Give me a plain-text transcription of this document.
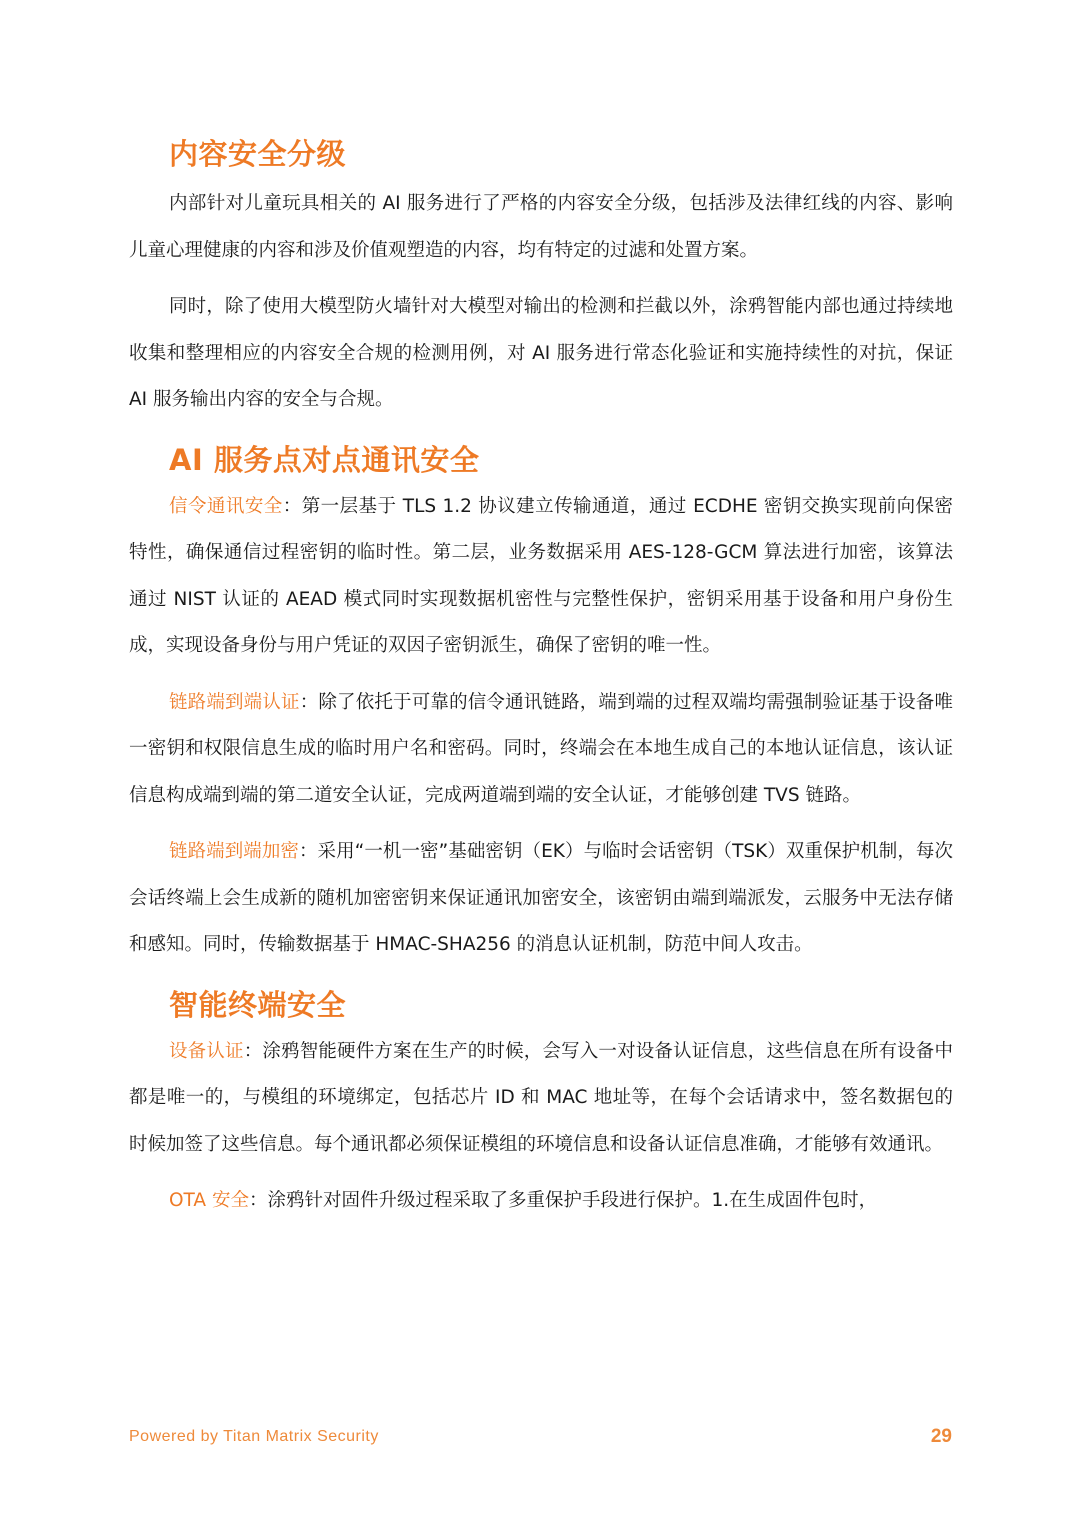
内容安全分级

内部针对儿童玩具相关的 AI 服务进行了严格的内容安全分级，包括涉及法律红线的内容、影响儿童心理健康的内容和涉及价值观塑造的内容，均有特定的过滤和处置方案。

同时，除了使用大模型防火墙针对大模型对输出的检测和拦截以外，涂鸦智能内部也通过持续地收集和整理相应的内容安全合规的检测用例，对 AI 服务进行常态化验证和实施持续性的对抗，保证 AI 服务输出内容的安全与合规。

AI 服务点对点通讯安全

信令通讯安全：第一层基于 TLS 1.2 协议建立传输通道，通过 ECDHE 密钥交换实现前向保密特性，确保通信过程密钥的临时性。第二层，业务数据采用 AES-128-GCM 算法进行加密，该算法通过 NIST 认证的 AEAD 模式同时实现数据机密性与完整性保护，密钥采用基于设备和用户身份生成，实现设备身份与用户凭证的双因子密钥派生，确保了密钥的唯一性。

链路端到端认证：除了依托于可靠的信令通讯链路，端到端的过程双端均需强制验证基于设备唯一密钥和权限信息生成的临时用户名和密码。同时，终端会在本地生成自己的本地认证信息，该认证信息构成端到端的第二道安全认证，完成两道端到端的安全认证，才能够创建 TVS 链路。

链路端到端加密：采用“一机一密”基础密钥（EK）与临时会话密钥（TSK）双重保护机制，每次会话终端上会生成新的随机加密密钥来保证通讯加密安全，该密钥由端到端派发，云服务中无法存储和感知。同时，传输数据基于 HMAC-SHA256 的消息认证机制，防范中间人攻击。

智能终端安全

设备认证：涂鸦智能硬件方案在生产的时候，会写入一对设备认证信息，这些信息在所有设备中都是唯一的，与模组的环境绑定，包括芯片 ID 和 MAC 地址等，在每个会话请求中，签名数据包的时候加签了这些信息。每个通讯都必须保证模组的环境信息和设备认证信息准确，才能够有效通讯。

OTA 安全：涂鸦针对固件升级过程采取了多重保护手段进行保护。1.在生成固件包时，

Powered by Titan Matrix Security	29
